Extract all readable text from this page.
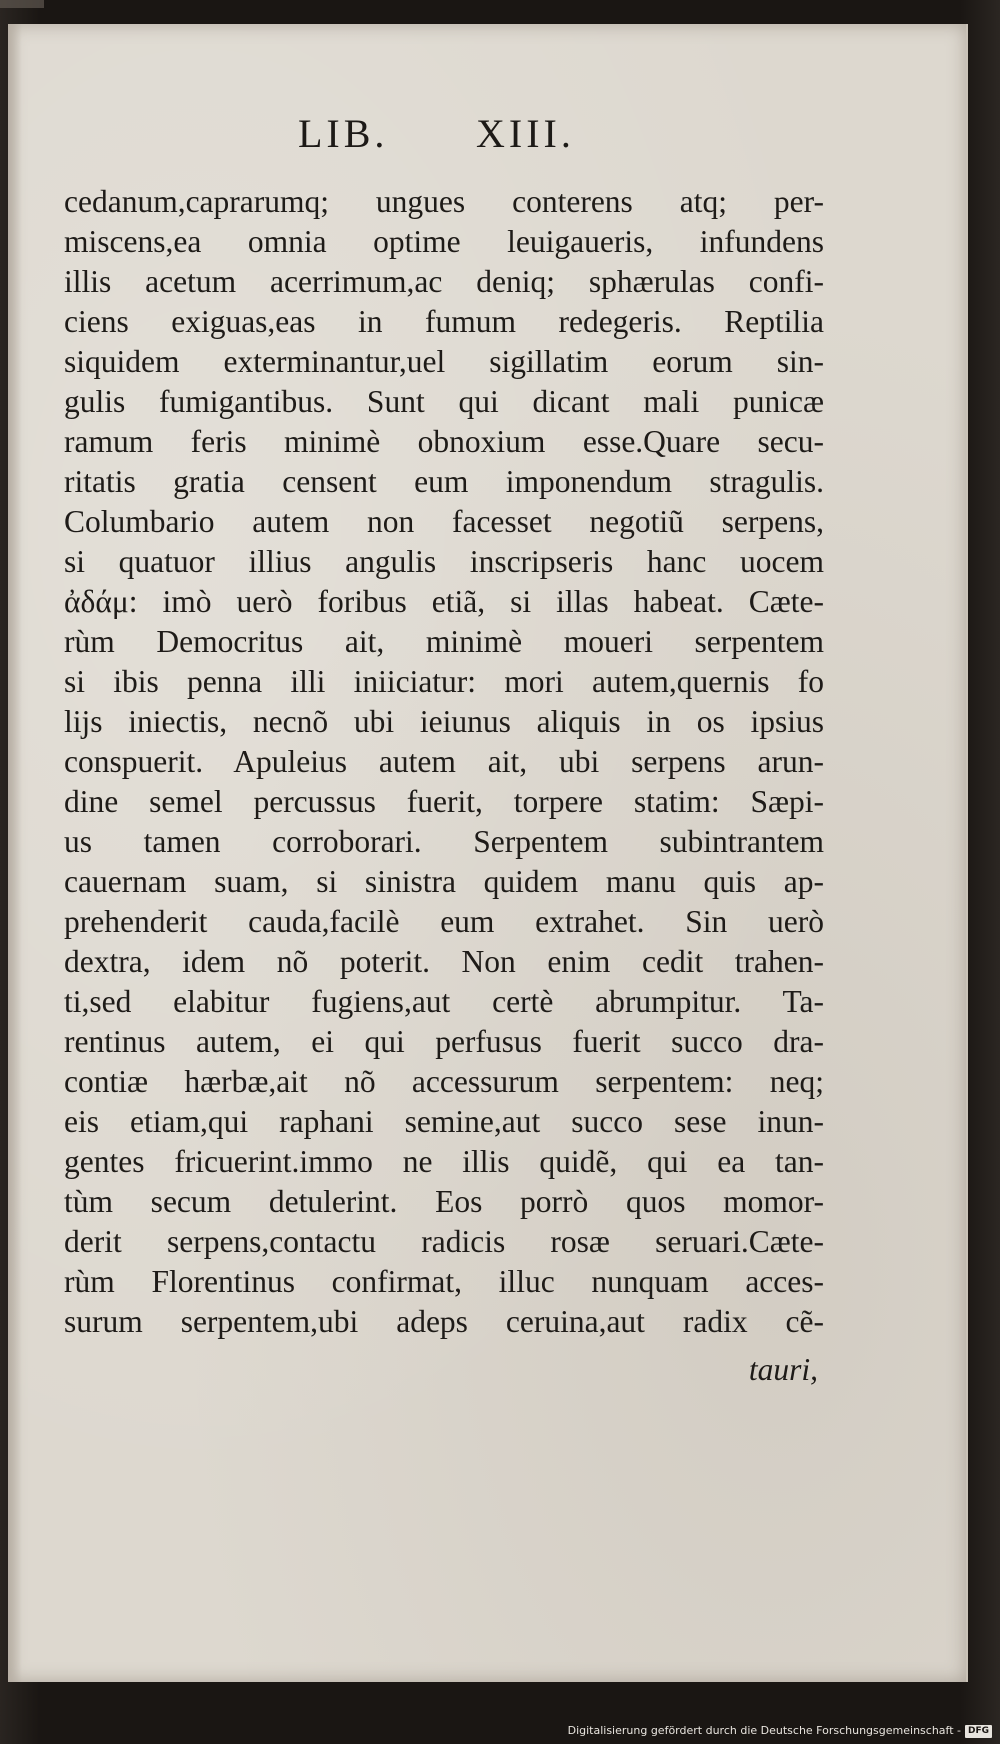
LIB. XIII.
cedanum,caprarumq; ungues conterens atq; per-
miscens,ea omnia optime leuigaueris, infundens
illis acetum acerrimum,ac deniq; sphærulas confi-
ciens exiguas,eas in fumum redegeris. Reptilia
siquidem exterminantur,uel sigillatim eorum sin-
gulis fumigantibus. Sunt qui dicant mali punicæ
ramum feris minimè obnoxium esse.Quare secu-
ritatis gratia censent eum imponendum stragulis.
Columbario autem non facesset negotiũ serpens,
si quatuor illius angulis inscripseris hanc uocem
ἀδάμ: imò uerò foribus etiã, si illas habeat. Cæte-
rùm Democritus ait, minimè moueri serpentem
si ibis penna illi iniiciatur: mori autem,quernis fo
lijs iniectis, necnõ ubi ieiunus aliquis in os ipsius
conspuerit. Apuleius autem ait, ubi serpens arun-
dine semel percussus fuerit, torpere statim: Sæpi-
us tamen corroborari. Serpentem subintrantem
cauernam suam, si sinistra quidem manu quis ap-
prehenderit cauda,facilè eum extrahet. Sin uerò
dextra, idem nõ poterit. Non enim cedit trahen-
ti,sed elabitur fugiens,aut certè abrumpitur. Ta-
rentinus autem, ei qui perfusus fuerit succo dra-
contiæ hærbæ,ait nõ accessurum serpentem: neq;
eis etiam,qui raphani semine,aut succo sese inun-
gentes fricuerint.immo ne illis quidẽ, qui ea tan-
tùm secum detulerint. Eos porrò quos momor-
derit serpens,contactu radicis rosæ seruari.Cæte-
rùm Florentinus confirmat, illuc nunquam acces-
surum serpentem,ubi adeps ceruina,aut radix cẽ-
tauri,
Digitalisierung gefördert durch die Deutsche Forschungsgemeinschaft - DFG
